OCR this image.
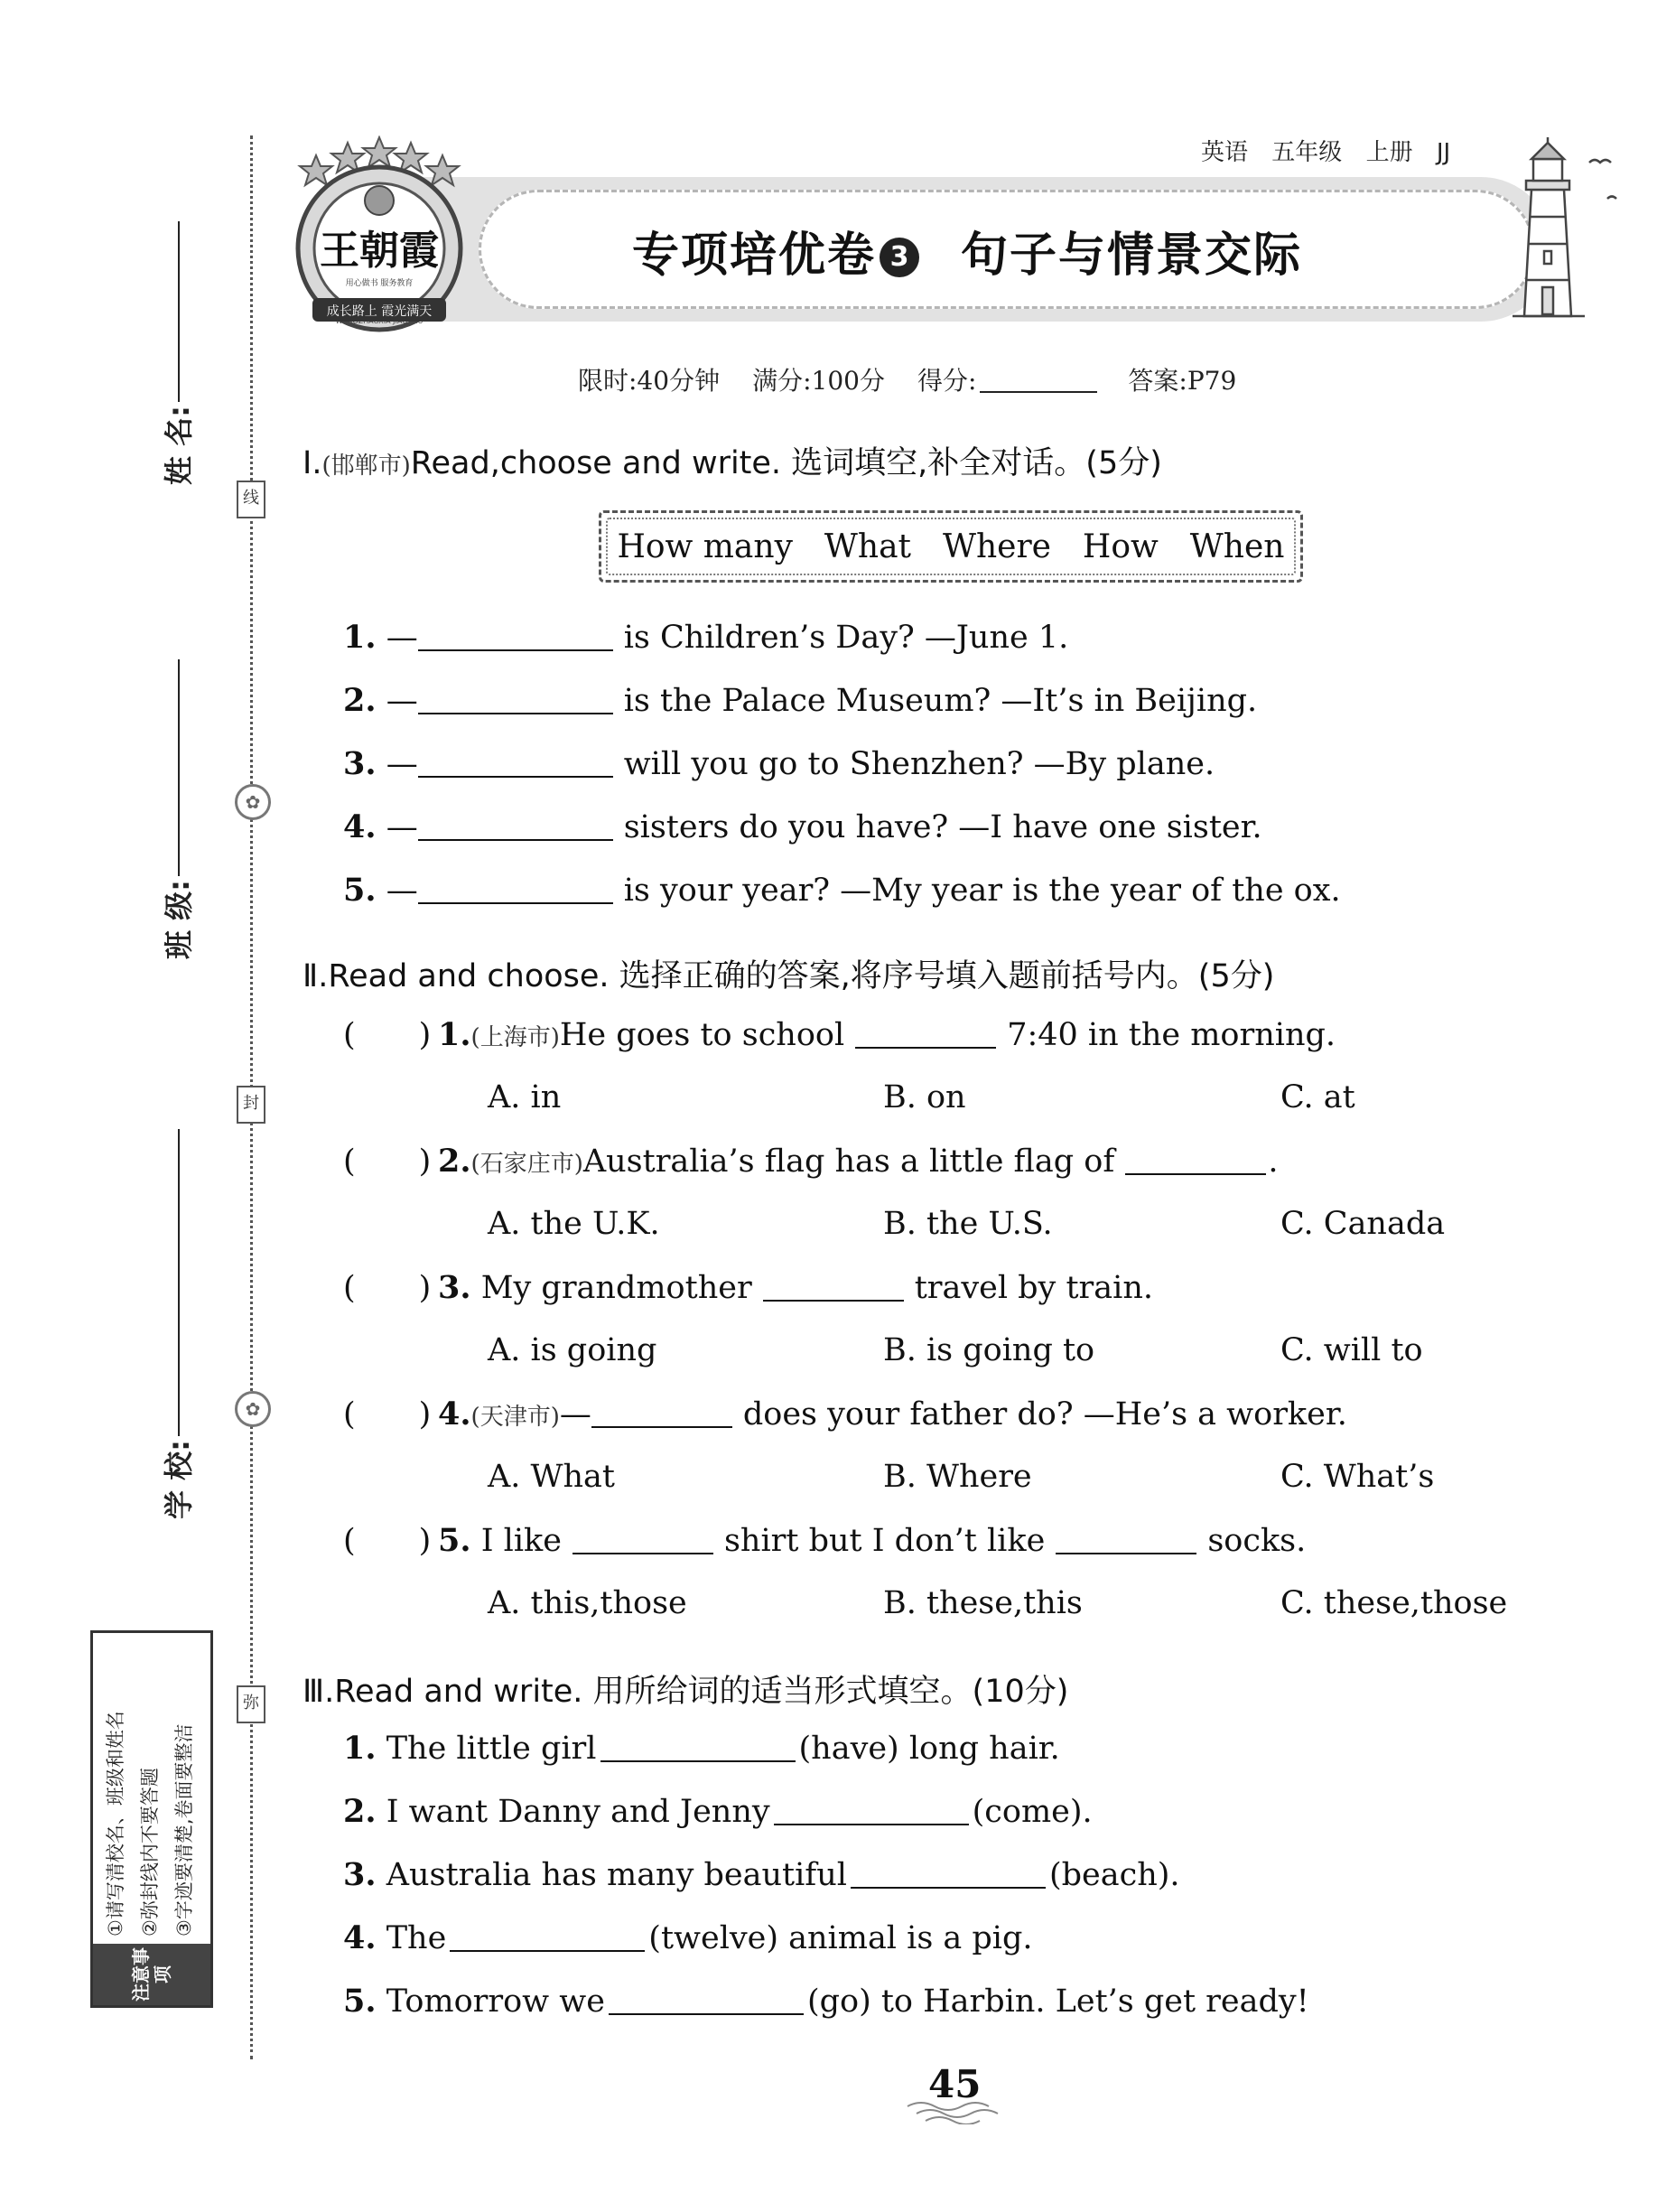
姓 名:
班 级:
学 校:
线
✿
封
✿
弥
注意事项
①请写清校名、班级和姓名 ②弥封线内不要答题 ③字迹要清楚,卷面要整洁
英语 五年级 上册 JJ
专项培优卷 3 句子与情景交际
王朝霞
用心做书 服务教育
成长路上 霞光满天
限时:40分钟 满分:100分 得分:	答案:P79
Ⅰ.(邯郸市)Read,choose and write. 选词填空,补全对话。(5分)
How many What Where How When
1. —	is Children’s Day? —June 1.
2. —	is the Palace Museum? —It’s in Beijing.
3. —	will you go to Shenzhen? —By plane.
4. —	sisters do you have? —I have one sister.
5. —	is your year? —My year is the year of the ox.
Ⅱ.Read and choose. 选择正确的答案,将序号填入题前括号内。(5分)
( ) 1.(上海市)He goes to school	7:40 in the morning.
A. in	B. on	C. at
( ) 2.(石家庄市)Australia’s flag has a little flag of	.
A. the U.K.	B. the U.S.	C. Canada
( ) 3. My grandmother	travel by train.
A. is going	B. is going to	C. will to
( ) 4.(天津市)—	does your father do? —He’s a worker.
A. What	B. Where	C. What’s
( ) 5. I like	shirt but I don’t like	socks.
A. this,those	B. these,this	C. these,those
Ⅲ.Read and write. 用所给词的适当形式填空。(10分)
1. The little girl	(have) long hair.
2. I want Danny and Jenny	(come).
3. Australia has many beautiful	(beach).
4. The	(twelve) animal is a pig.
5. Tomorrow we	(go) to Harbin. Let’s get ready!
45
